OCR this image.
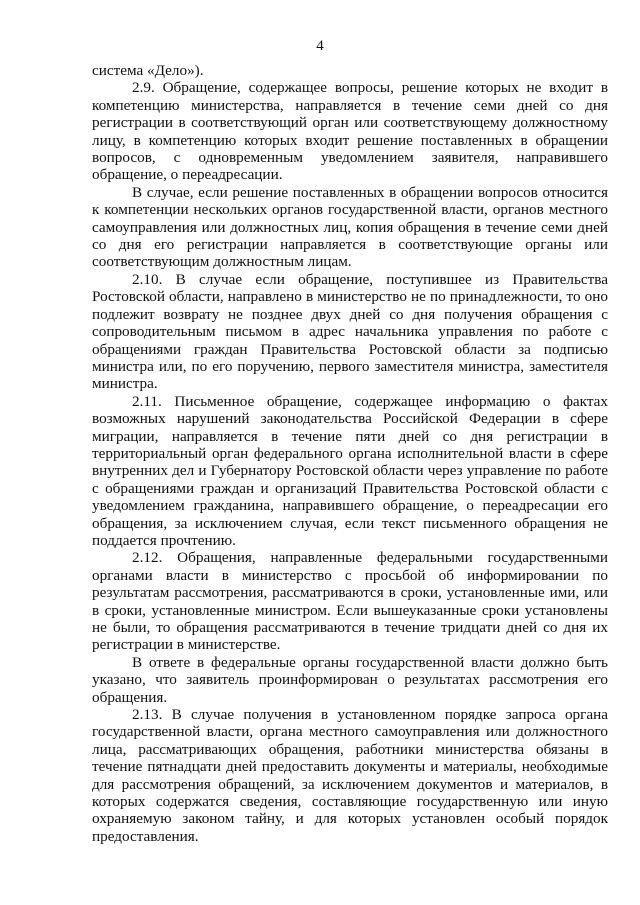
4

система «Дело»).

2.9. Обращение, содержащее вопросы, решение которых не входит в компетенцию министерства, направляется в течение семи дней со дня регистрации в соответствующий орган или соответствующему должностному лицу, в компетенцию которых входит решение поставленных в обращении вопросов, с одновременным уведомлением заявителя, направившего обращение, о переадресации.

В случае, если решение поставленных в обращении вопросов относится к компетенции нескольких органов государственной власти, органов местного самоуправления или должностных лиц, копия обращения в течение семи дней со дня его регистрации направляется в соответствующие органы или соответствующим должностным лицам.

2.10. В случае если обращение, поступившее из Правительства Ростовской области, направлено в министерство не по принадлежности, то оно подлежит возврату не позднее двух дней со дня получения обращения с сопроводительным письмом в адрес начальника управления по работе с обращениями граждан Правительства Ростовской области за подписью министра или, по его поручению, первого заместителя министра, заместителя министра.

2.11. Письменное обращение, содержащее информацию о фактах возможных нарушений законодательства Российской Федерации в сфере миграции, направляется в течение пяти дней со дня регистрации в территориальный орган федерального органа исполнительной власти в сфере внутренних дел и Губернатору Ростовской области через управление по работе с обращениями граждан и организаций Правительства Ростовской области с уведомлением гражданина, направившего обращение, о переадресации его обращения, за исключением случая, если текст письменного обращения не поддается прочтению.

2.12. Обращения, направленные федеральными государственными органами власти в министерство с просьбой об информировании по результатам рассмотрения, рассматриваются в сроки, установленные ими, или в сроки, установленные министром. Если вышеуказанные сроки установлены не были, то обращения рассматриваются в течение тридцати дней со дня их регистрации в министерстве.

В ответе в федеральные органы государственной власти должно быть указано, что заявитель проинформирован о результатах рассмотрения его обращения.

2.13. В случае получения в установленном порядке запроса органа государственной власти, органа местного самоуправления или должностного лица, рассматривающих обращения, работники министерства обязаны в течение пятнадцати дней предоставить документы и материалы, необходимые для рассмотрения обращений, за исключением документов и материалов, в которых содержатся сведения, составляющие государственную или иную охраняемую законом тайну, и для которых установлен особый порядок предоставления.
